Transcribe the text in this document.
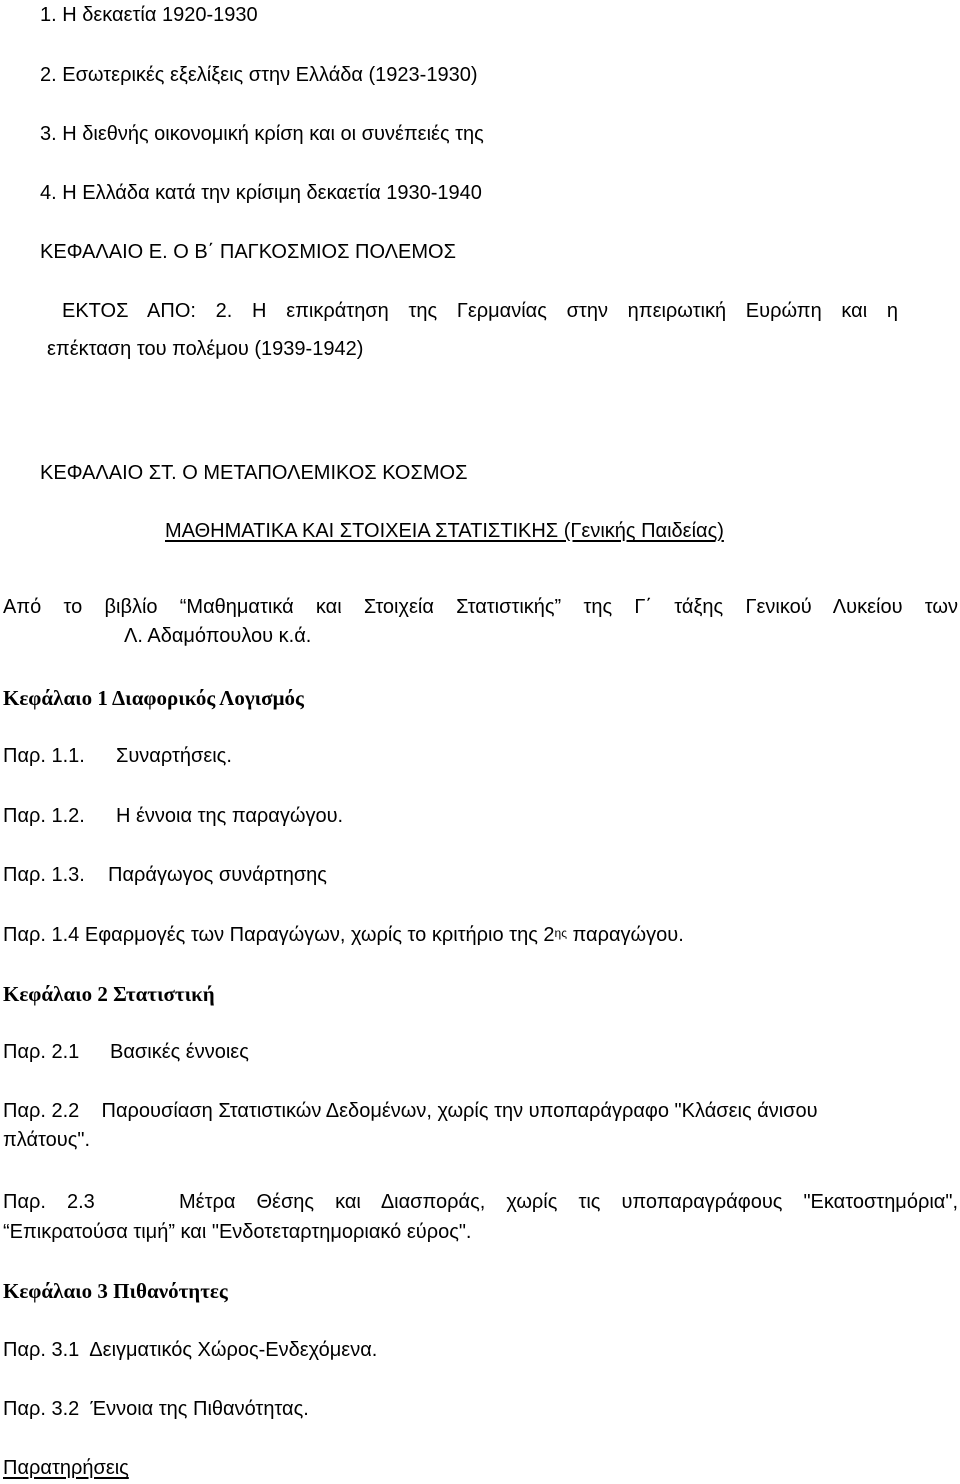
1. Η δεκαετία 1920-1930
2. Εσωτερικές εξελίξεις στην Ελλάδα (1923-1930)
3. Η διεθνής οικονομική κρίση και οι συνέπειές της
4. Η Ελλάδα κατά την κρίσιμη δεκαετία 1930-1940
ΚΕΦΑΛΑΙΟ Ε. Ο Β΄ ΠΑΓΚΟΣΜΙΟΣ ΠΟΛΕΜΟΣ
ΕΚΤΟΣ ΑΠΟ: 2. Η επικράτηση της Γερμανίας στην ηπειρωτική Ευρώπη και η
επέκταση του πολέμου (1939-1942)
ΚΕΦΑΛΑΙΟ ΣΤ. Ο ΜΕΤΑΠΟΛΕΜΙΚΟΣ ΚΟΣΜΟΣ
ΜΑΘΗΜΑΤΙΚΑ ΚΑΙ ΣΤΟΙΧΕΙΑ ΣΤΑΤΙΣΤΙΚΗΣ (Γενικής Παιδείας)
Από το βιβλίο “Μαθηματικά και Στοιχεία Στατιστικής” της Γ΄ τάξης Γενικού Λυκείου των
Λ. Αδαμόπουλου κ.ά.
Κεφάλαιο 1 Διαφορικός Λογισμός
Παρ. 1.1. Συναρτήσεις.
Παρ. 1.2. Η έννοια της παραγώγου.
Παρ. 1.3. Παράγωγος συνάρτησης
Παρ. 1.4 Εφαρμογές των Παραγώγων, χωρίς το κριτήριο της $2^{\eta\varsigma}$ παραγώγου.
Κεφάλαιο 2 Στατιστική
Παρ. 2.1 Βασικές έννοιες
Παρ. 2.2    Παρουσίαση Στατιστικών Δεδομένων, χωρίς την υποπαράγραφο "Κλάσεις άνισου
πλάτους".
Παρ. 2.3    Μέτρα Θέσης και Διασποράς, χωρίς τις υποπαραγράφους "Εκατοστημόρια",
“Επικρατούσα τιμή” και "Ενδοτεταρτημοριακό εύρος".
Κεφάλαιο 3 Πιθανότητες
Παρ. 3.1  Δειγματικός Χώρος-Ενδεχόμενα.
Παρ. 3.2  Έννοια της Πιθανότητας.
Παρατηρήσεις
